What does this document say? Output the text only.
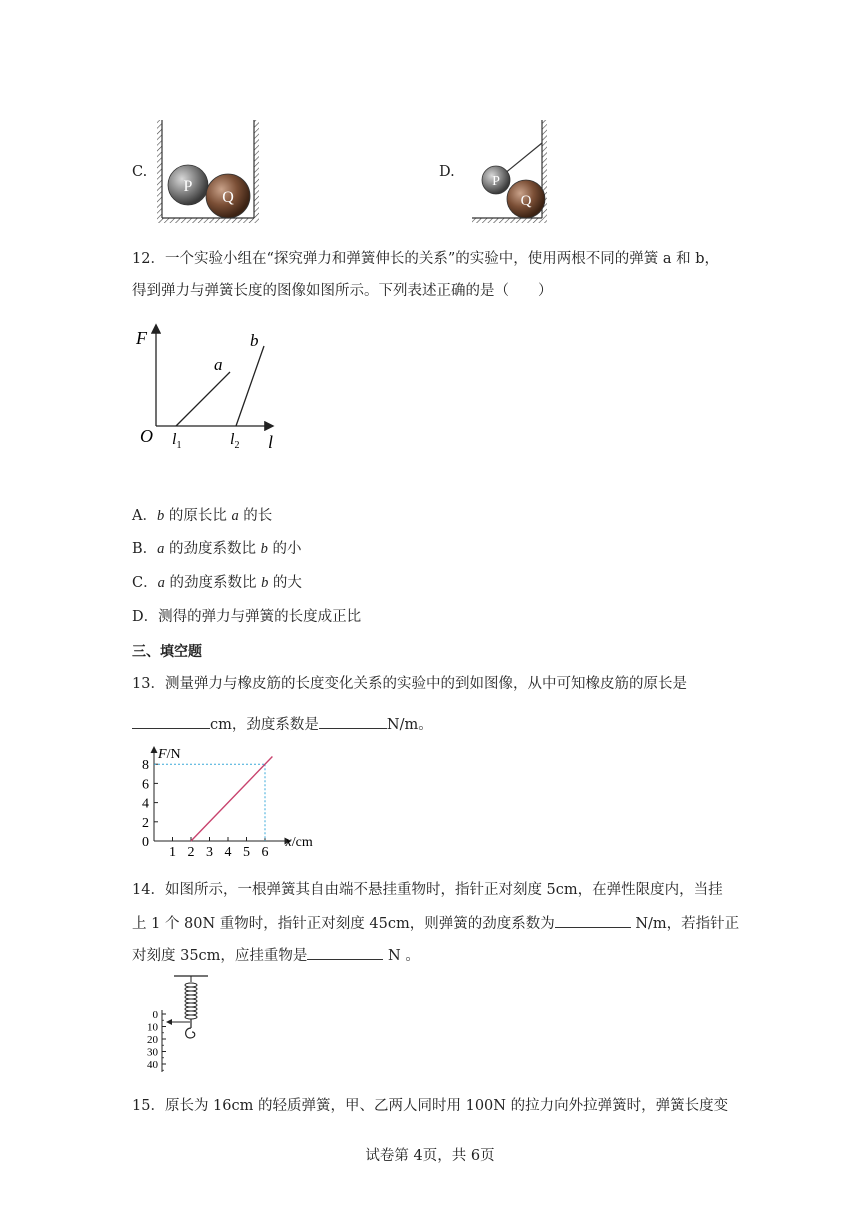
C.
P
Q
D.
P
Q
12．一个实验小组在“探究弹力和弹簧伸长的关系”的实验中，使用两根不同的弹簧 a 和 b，
得到弹力与弹簧长度的图像如图所示。下列表述正确的是（　　）
F
l
O
a
b
$l_1$	$l_2$
A．b 的原长比 a 的长
B．a 的劲度系数比 b 的小
C．a 的劲度系数比 b 的大
D．测得的弹力与弹簧的长度成正比
三、填空题
13．测量弹力与橡皮筋的长度变化关系的实验中的到如图像，从中可知橡皮筋的原长是
cm，劲度系数是	N/m。
0
2
4
6
8
1 2 3 4 5 6
F/N
x/cm
14．如图所示，一根弹簧其自由端不悬挂重物时，指针正对刻度 5cm，在弹性限度内，当挂
上 1 个 80N 重物时，指针正对刻度 45cm，则弹簧的劲度系数为	N/m，若指针正
对刻度 35cm，应挂重物是	N 。
0
10
20
30
40
15．原长为 16cm 的轻质弹簧，甲、乙两人同时用 100N 的拉力向外拉弹簧时，弹簧长度变
试卷第 4页，共 6页
